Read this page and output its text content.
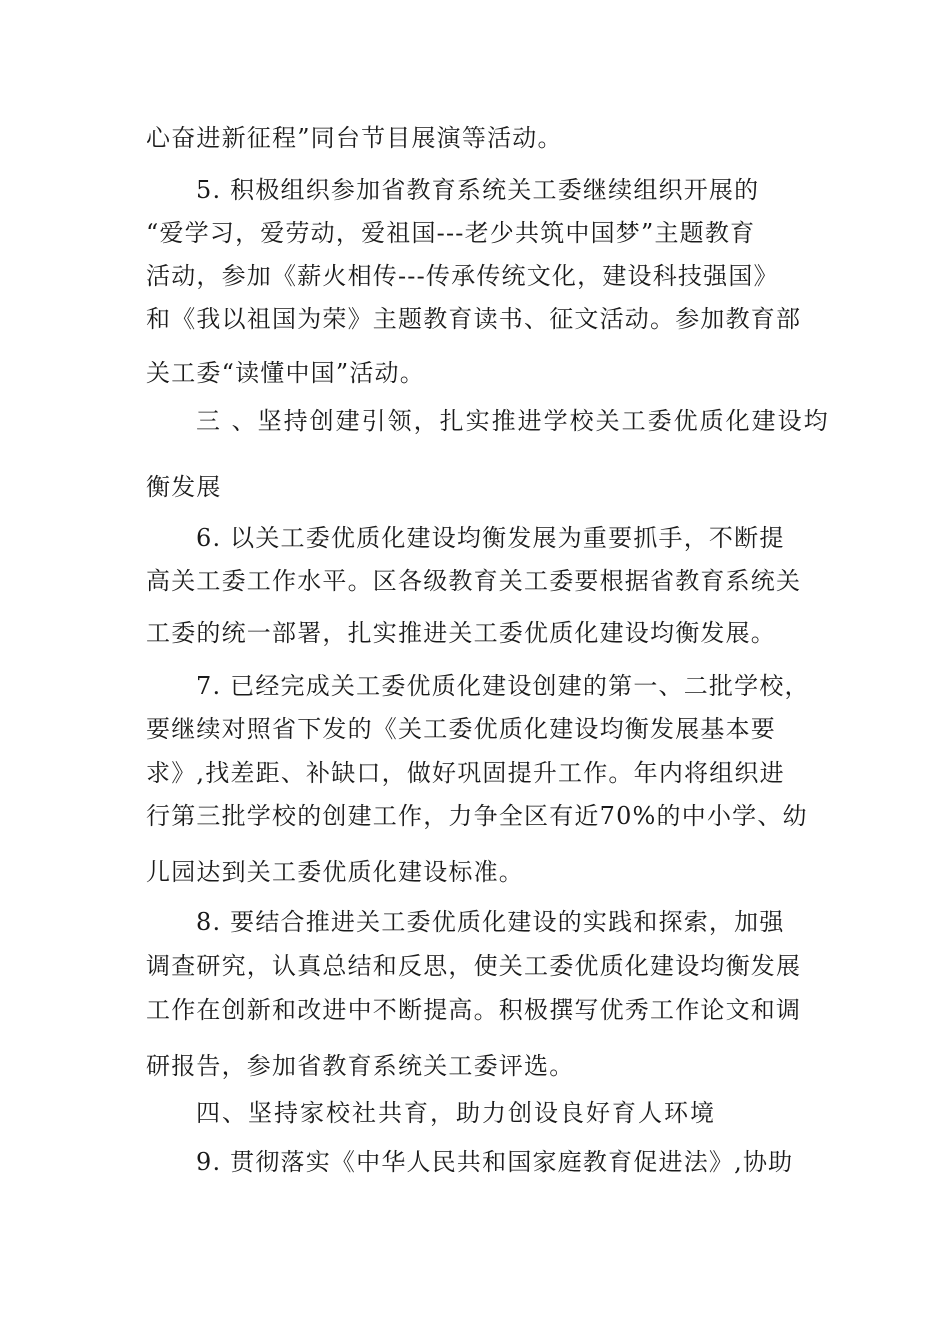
心奋进新征程”同台节目展演等活动。
5. 积极组织参加省教育系统关工委继续组织开展的
“爱学习，爱劳动，爱祖国---老少共筑中国梦”主题教育
活动，参加《薪火相传---传承传统文化，建设科技强国》
和《我以祖国为荣》主题教育读书、征文活动。参加教育部
关工委“读懂中国”活动。
三 、坚持创建引领，扎实推进学校关工委优质化建设均
衡发展
6. 以关工委优质化建设均衡发展为重要抓手，不断提
高关工委工作水平。区各级教育关工委要根据省教育系统关
工委的统一部署，扎实推进关工委优质化建设均衡发展。
7. 已经完成关工委优质化建设创建的第一、二批学校，
要继续对照省下发的《关工委优质化建设均衡发展基本要
求》,找差距、补缺口，做好巩固提升工作。年内将组织进
行第三批学校的创建工作，力争全区有近70%的中小学、幼
儿园达到关工委优质化建设标准。
8. 要结合推进关工委优质化建设的实践和探索，加强
调查研究，认真总结和反思，使关工委优质化建设均衡发展
工作在创新和改进中不断提高。积极撰写优秀工作论文和调
研报告，参加省教育系统关工委评选。
四、坚持家校社共育，助力创设良好育人环境
9. 贯彻落实《中华人民共和国家庭教育促进法》,协助
